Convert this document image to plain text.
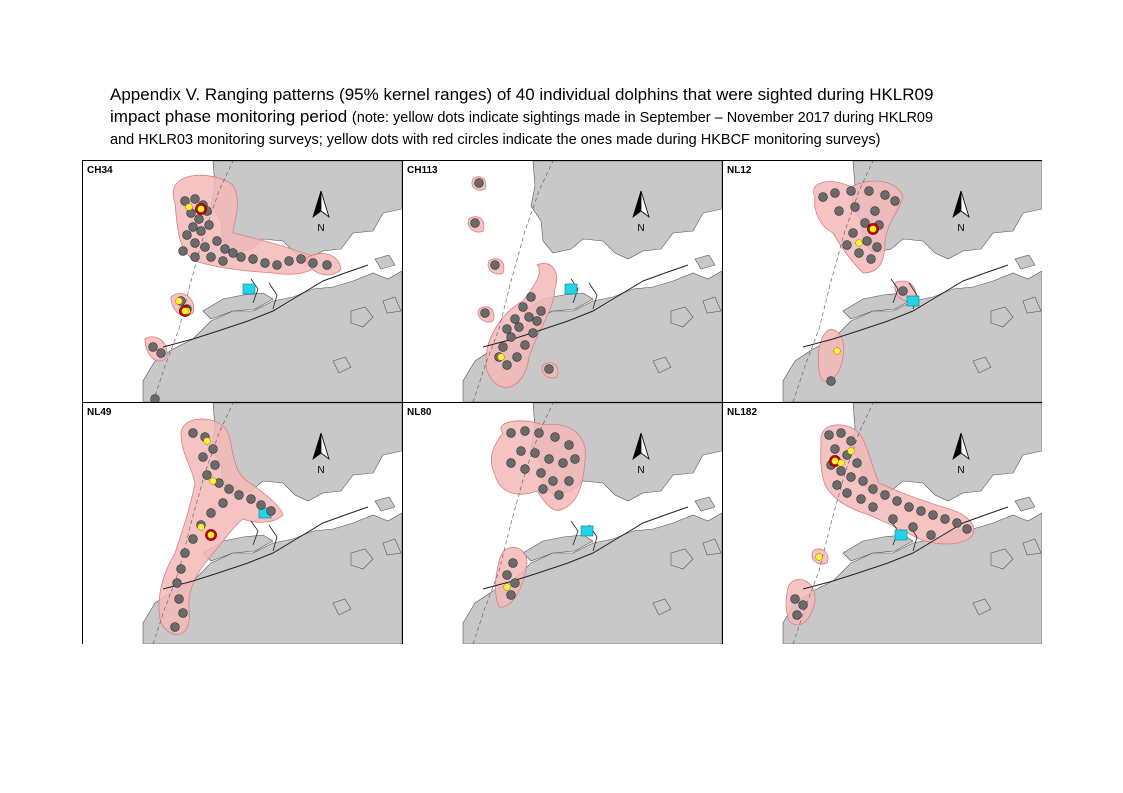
Appendix V. Ranging patterns (95% kernel ranges) of 40 individual dolphins that were sighted during HKLR09
impact phase monitoring period (note: yellow dots indicate sightings made in September – November 2017 during HKLR09
and HKLR03 monitoring surveys; yellow dots with red circles indicate the ones made during HKBCF monitoring surveys)
CH34
N
CH113
N
NL12
N
NL49
N
NL80
N
NL182
N
